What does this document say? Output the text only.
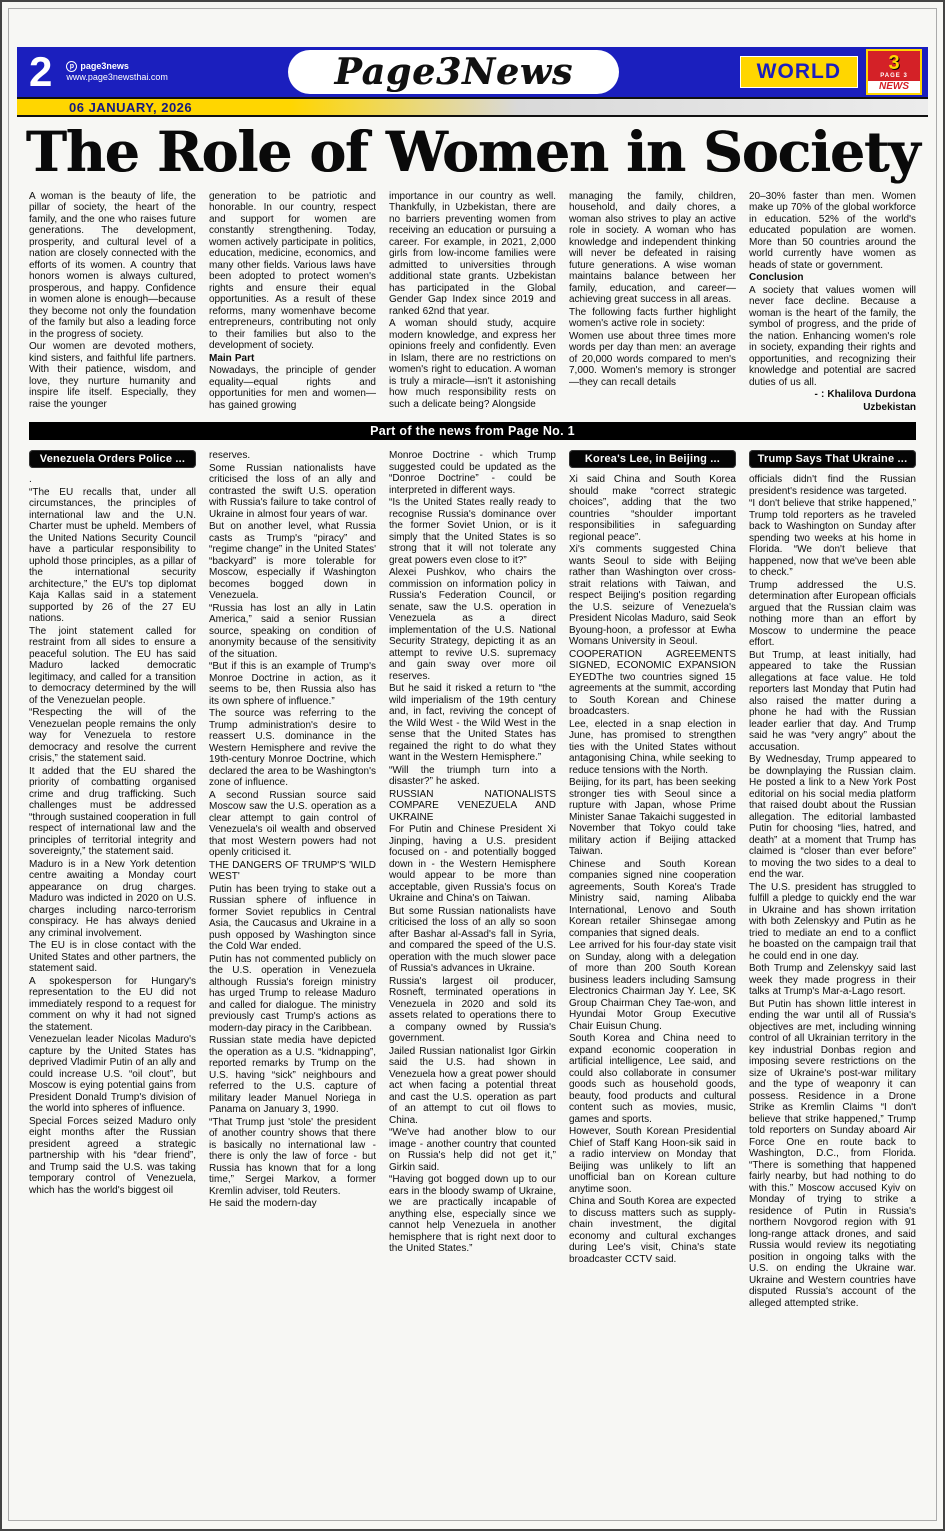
2	p page3news
www.page3newsthai.com	Page3News	WORLD	3
PAGE 3
NEWS
06 JANUARY, 2026
The Role of Women in Society

A woman is the beauty of life, the pillar of society, the heart of the family, and the one who raises future generations. The development, prosperity, and cultural level of a nation are closely connected with the efforts of its women. A country that honors women is always cultured, prosperous, and happy. Confidence in women alone is enough—because they become not only the foundation of the family but also a leading force in the progress of society.

Our women are devoted mothers, kind sisters, and faithful life partners. With their patience, wisdom, and love, they nurture humanity and inspire life itself. Especially, they raise the younger

generation to be patriotic and honorable. In our country, respect and support for women are constantly strengthening. Today, women actively participate in politics, education, medicine, economics, and many other fields. Various laws have been adopted to protect women's rights and ensure their equal opportunities. As a result of these reforms, many womenhave become entrepreneurs, contributing not only to their families but also to the development of society.

Main Part

Nowadays, the principle of gender equality—equal rights and opportunities for men and women—has gained growing

importance in our country as well. Thankfully, in Uzbekistan, there are no barriers preventing women from receiving an education or pursuing a career. For example, in 2021, 2,000 girls from low-income families were admitted to universities through additional state grants. Uzbekistan has participated in the Global Gender Gap Index since 2019 and ranked 62nd that year.

A woman should study, acquire modern knowledge, and express her opinions freely and confidently. Even in Islam, there are no restrictions on women's right to education. A woman is truly a miracle—isn't it astonishing how much responsibility rests on such a delicate being? Alongside

managing the family, children, household, and daily chores, a woman also strives to play an active role in society. A woman who has knowledge and independent thinking will never be defeated in raising future generations. A wise woman maintains balance between her family, education, and career—achieving great success in all areas.

The following facts further highlight women's active role in society:

Women use about three times more words per day than men: an average of 20,000 words compared to men's 7,000. Women's memory is stronger—they can recall details

20–30% faster than men. Women make up 70% of the global workforce in education. 52% of the world's educated population are women. More than 50 countries around the world currently have women as heads of state or government.

Conclusion

A society that values women will never face decline. Because a woman is the heart of the family, the symbol of progress, and the pride of the nation. Enhancing women's role in society, expanding their rights and opportunities, and recognizing their knowledge and potential are sacred duties of us all.

- : Khalilova Durdona

Uzbekistan

Part of the news from Page No. 1
Venezuela Orders Police ...

.

“The EU recalls that, under all circumstances, the principles of international law and the U.N. Charter must be upheld. Members of the United Nations Security Council have a particular responsibility to uphold those principles, as a pillar of the international security architecture,” the EU's top diplomat Kaja Kallas said in a statement supported by 26 of the 27 EU nations.

The joint statement called for restraint from all sides to ensure a peaceful solution. The EU has said Maduro lacked democratic legitimacy, and called for a transition to democracy determined by the will of the Venezuelan people.

“Respecting the will of the Venezuelan people remains the only way for Venezuela to restore democracy and resolve the current crisis,” the statement said.

It added that the EU shared the priority of combatting organised crime and drug trafficking. Such challenges must be addressed “through sustained cooperation in full respect of international law and the principles of territorial integrity and sovereignty,” the statement said.

Maduro is in a New York detention centre awaiting a Monday court appearance on drug charges. Maduro was indicted in 2020 on U.S. charges including narco-terrorism conspiracy. He has always denied any criminal involvement.

The EU is in close contact with the United States and other partners, the statement said.

A spokesperson for Hungary's representation to the EU did not immediately respond to a request for comment on why it had not signed the statement.

Venezuelan leader Nicolas Maduro's capture by the United States has deprived Vladimir Putin of an ally and could increase U.S. “oil clout”, but Moscow is eying potential gains from President Donald Trump's division of the world into spheres of influence.

Special Forces seized Maduro only eight months after the Russian president agreed a strategic partnership with his “dear friend”, and Trump said the U.S. was taking temporary control of Venezuela, which has the world's biggest oil

reserves.

Some Russian nationalists have criticised the loss of an ally and contrasted the swift U.S. operation with Russia's failure to take control of Ukraine in almost four years of war.

But on another level, what Russia casts as Trump's “piracy” and “regime change” in the United States' “backyard” is more tolerable for Moscow, especially if Washington becomes bogged down in Venezuela.

“Russia has lost an ally in Latin America,” said a senior Russian source, speaking on condition of anonymity because of the sensitivity of the situation.

“But if this is an example of Trump's Monroe Doctrine in action, as it seems to be, then Russia also has its own sphere of influence.”

The source was referring to the Trump administration's desire to reassert U.S. dominance in the Western Hemisphere and revive the 19th-century Monroe Doctrine, which declared the area to be Washington's zone of influence.

A second Russian source said Moscow saw the U.S. operation as a clear attempt to gain control of Venezuela's oil wealth and observed that most Western powers had not openly criticised it.

THE DANGERS OF TRUMP'S 'WILD WEST'

Putin has been trying to stake out a Russian sphere of influence in former Soviet republics in Central Asia, the Caucasus and Ukraine in a push opposed by Washington since the Cold War ended.

Putin has not commented publicly on the U.S. operation in Venezuela although Russia's foreign ministry has urged Trump to release Maduro and called for dialogue. The ministry previously cast Trump's actions as modern-day piracy in the Caribbean.

Russian state media have depicted the operation as a U.S. “kidnapping”, reported remarks by Trump on the U.S. having “sick” neighbours and referred to the U.S. capture of military leader Manuel Noriega in Panama on January 3, 1990.

“That Trump just 'stole' the president of another country shows that there is basically no international law - there is only the law of force - but Russia has known that for a long time,” Sergei Markov, a former Kremlin adviser, told Reuters.

He said the modern-day

Monroe Doctrine - which Trump suggested could be updated as the “Donroe Doctrine” - could be interpreted in different ways.

“Is the United States really ready to recognise Russia's dominance over the former Soviet Union, or is it simply that the United States is so strong that it will not tolerate any great powers even close to it?”

Alexei Pushkov, who chairs the commission on information policy in Russia's Federation Council, or senate, saw the U.S. operation in Venezuela as a direct implementation of the U.S. National Security Strategy, depicting it as an attempt to revive U.S. supremacy and gain sway over more oil reserves.

But he said it risked a return to “the wild imperialism of the 19th century and, in fact, reviving the concept of the Wild West - the Wild West in the sense that the United States has regained the right to do what they want in the Western Hemisphere.”

“Will the triumph turn into a disaster?” he asked.

RUSSIAN NATIONALISTS COMPARE VENEZUELA AND UKRAINE

For Putin and Chinese President Xi Jinping, having a U.S. president focused on - and potentially bogged down in - the Western Hemisphere would appear to be more than acceptable, given Russia's focus on Ukraine and China's on Taiwan.

But some Russian nationalists have criticised the loss of an ally so soon after Bashar al-Assad's fall in Syria, and compared the speed of the U.S. operation with the much slower pace of Russia's advances in Ukraine.

Russia's largest oil producer, Rosneft, terminated operations in Venezuela in 2020 and sold its assets related to operations there to a company owned by Russia's government.

Jailed Russian nationalist Igor Girkin said the U.S. had shown in Venezuela how a great power should act when facing a potential threat and cast the U.S. operation as part of an attempt to cut oil flows to China.

“We've had another blow to our image - another country that counted on Russia's help did not get it,” Girkin said.

“Having got bogged down up to our ears in the bloody swamp of Ukraine, we are practically incapable of anything else, especially since we cannot help Venezuela in another hemisphere that is right next door to the United States.”

Korea's Lee, in Beijing ...

Xi said China and South Korea should make “correct strategic choices”, adding that the two countries “shoulder important responsibilities in safeguarding regional peace”.

Xi's comments suggested China wants Seoul to side with Beijing rather than Washington over cross-strait relations with Taiwan, and respect Beijing's position regarding the U.S. seizure of Venezuela's President Nicolas Maduro, said Seok Byoung-hoon, a professor at Ewha Womans University in Seoul.

COOPERATION AGREEMENTS SIGNED, ECONOMIC EXPANSION EYEDThe two countries signed 15 agreements at the summit, according to South Korean and Chinese broadcasters.

Lee, elected in a snap election in June, has promised to strengthen ties with the United States without antagonising China, while seeking to reduce tensions with the North.

Beijing, for its part, has been seeking stronger ties with Seoul since a rupture with Japan, whose Prime Minister Sanae Takaichi suggested in November that Tokyo could take military action if Beijing attacked Taiwan.

Chinese and South Korean companies signed nine cooperation agreements, South Korea's Trade Ministry said, naming Alibaba International, Lenovo and South Korean retailer Shinsegae among companies that signed deals.

Lee arrived for his four-day state visit on Sunday, along with a delegation of more than 200 South Korean business leaders including Samsung Electronics Chairman Jay Y. Lee, SK Group Chairman Chey Tae-won, and Hyundai Motor Group Executive Chair Euisun Chung.

South Korea and China need to expand economic cooperation in artificial intelligence, Lee said, and could also collaborate in consumer goods such as household goods, beauty, food products and cultural content such as movies, music, games and sports.

However, South Korean Presidential Chief of Staff Kang Hoon-sik said in a radio interview on Monday that Beijing was unlikely to lift an unofficial ban on Korean culture anytime soon.

China and South Korea are expected to discuss matters such as supply-chain investment, the digital economy and cultural exchanges during Lee's visit, China's state broadcaster CCTV said.

Trump Says That Ukraine ...

officials didn't find the Russian president's residence was targeted.

“I don't believe that strike happened,” Trump told reporters as he traveled back to Washington on Sunday after spending two weeks at his home in Florida. “We don't believe that happened, now that we've been able to check.”

Trump addressed the U.S. determination after European officials argued that the Russian claim was nothing more than an effort by Moscow to undermine the peace effort.

But Trump, at least initially, had appeared to take the Russian allegations at face value. He told reporters last Monday that Putin had also raised the matter during a phone he had with the Russian leader earlier that day. And Trump said he was “very angry” about the accusation.

By Wednesday, Trump appeared to be downplaying the Russian claim. He posted a link to a New York Post editorial on his social media platform that raised doubt about the Russian allegation. The editorial lambasted Putin for choosing “lies, hatred, and death” at a moment that Trump has claimed is “closer than ever before” to moving the two sides to a deal to end the war.

The U.S. president has struggled to fulfill a pledge to quickly end the war in Ukraine and has shown irritation with both Zelenskyy and Putin as he tried to mediate an end to a conflict he boasted on the campaign trail that he could end in one day.

Both Trump and Zelenskyy said last week they made progress in their talks at Trump's Mar-a-Lago resort.

But Putin has shown little interest in ending the war until all of Russia's objectives are met, including winning control of all Ukrainian territory in the key industrial Donbas region and imposing severe restrictions on the size of Ukraine's post-war military and the type of weaponry it can possess. Residence in a Drone Strike as Kremlin Claims “I don't believe that strike happened,” Trump told reporters on Sunday aboard Air Force One en route back to Washington, D.C., from Florida. “There is something that happened fairly nearby, but had nothing to do with this.” Moscow accused Kyiv on Monday of trying to strike a residence of Putin in Russia's northern Novgorod region with 91 long-range attack drones, and said Russia would review its negotiating position in ongoing talks with the U.S. on ending the Ukraine war. Ukraine and Western countries have disputed Russia's account of the alleged attempted strike.
